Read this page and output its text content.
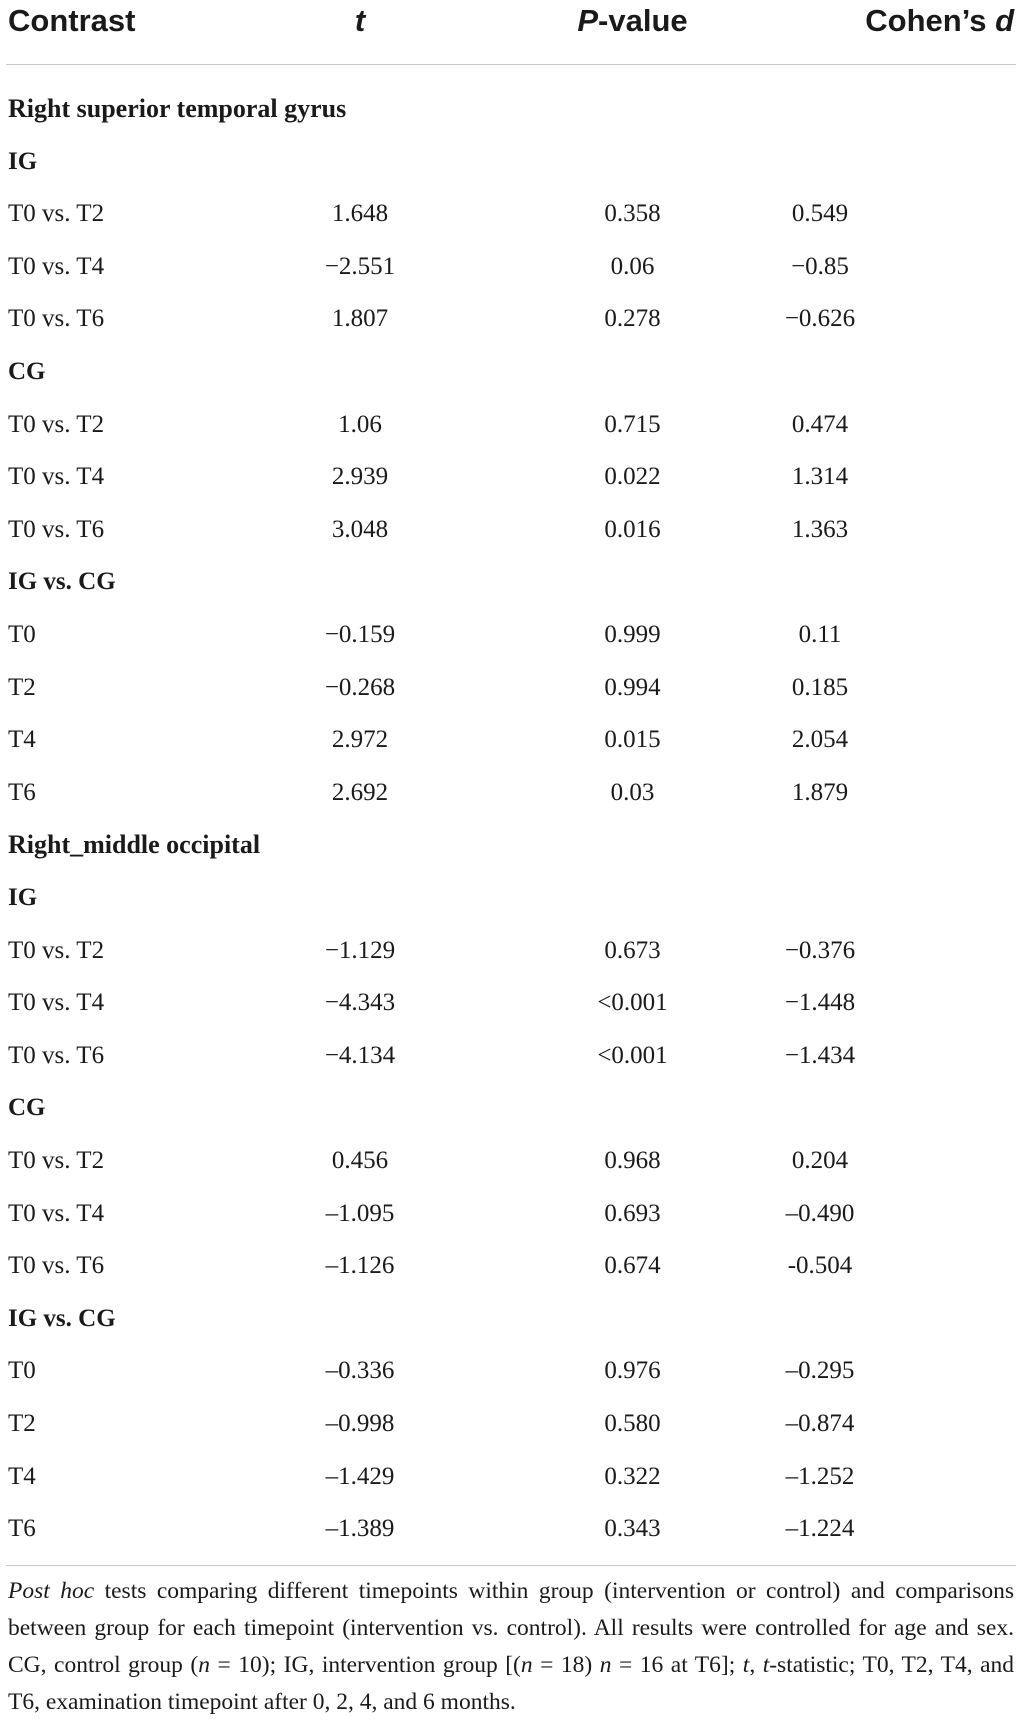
Contrast	t	P-value	Cohen’s d
Right superior temporal gyrus
IG
T0 vs. T2	1.648	0.358	0.549
T0 vs. T4	−2.551	0.06	−0.85
T0 vs. T6	1.807	0.278	−0.626
CG
T0 vs. T2	1.06	0.715	0.474
T0 vs. T4	2.939	0.022	1.314
T0 vs. T6	3.048	0.016	1.363
IG vs. CG
T0	−0.159	0.999	0.11
T2	−0.268	0.994	0.185
T4	2.972	0.015	2.054
T6	2.692	0.03	1.879
Right_middle occipital
IG
T0 vs. T2	−1.129	0.673	−0.376
T0 vs. T4	−4.343	<0.001	−1.448
T0 vs. T6	−4.134	<0.001	−1.434
CG
T0 vs. T2	0.456	0.968	0.204
T0 vs. T4	–1.095	0.693	–0.490
T0 vs. T6	–1.126	0.674	-0.504
IG vs. CG
T0	–0.336	0.976	–0.295
T2	–0.998	0.580	–0.874
T4	–1.429	0.322	–1.252
T6	–1.389	0.343	–1.224
Post hoc tests comparing different timepoints within group (intervention or control) and comparisons between group for each timepoint (intervention vs. control). All results were controlled for age and sex. CG, control group (n = 10); IG, intervention group [(n = 18) n = 16 at T6]; t, t-statistic; T0, T2, T4, and T6, examination timepoint after 0, 2, 4, and 6 months.
